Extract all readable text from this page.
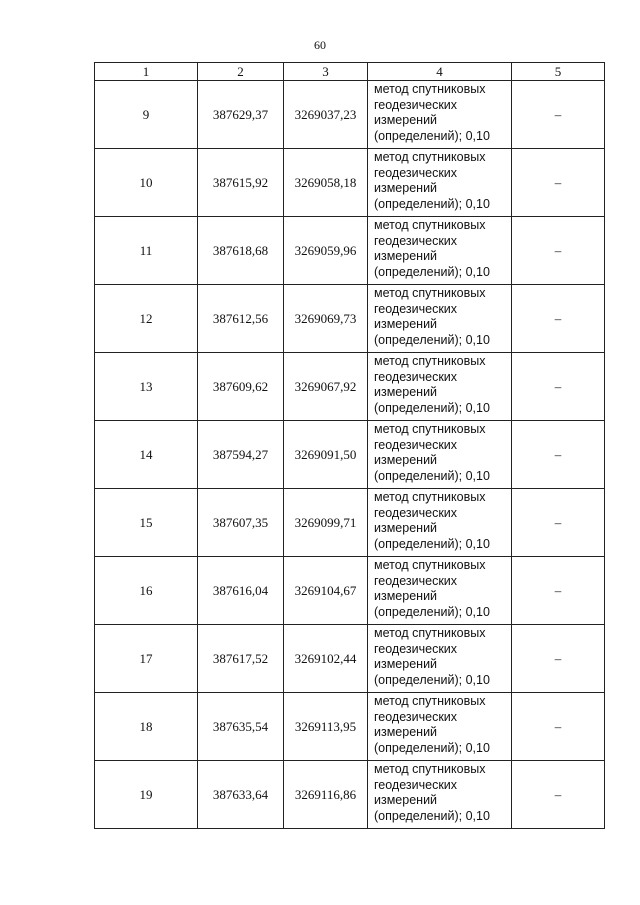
60
1	2	3	4	5
9	387629,37	3269037,23	метод спутниковых
геодезических
измерений
(определений); 0,10	–
10	387615,92	3269058,18	метод спутниковых
геодезических
измерений
(определений); 0,10	–
11	387618,68	3269059,96	метод спутниковых
геодезических
измерений
(определений); 0,10	–
12	387612,56	3269069,73	метод спутниковых
геодезических
измерений
(определений); 0,10	–
13	387609,62	3269067,92	метод спутниковых
геодезических
измерений
(определений); 0,10	–
14	387594,27	3269091,50	метод спутниковых
геодезических
измерений
(определений); 0,10	–
15	387607,35	3269099,71	метод спутниковых
геодезических
измерений
(определений); 0,10	–
16	387616,04	3269104,67	метод спутниковых
геодезических
измерений
(определений); 0,10	–
17	387617,52	3269102,44	метод спутниковых
геодезических
измерений
(определений); 0,10	–
18	387635,54	3269113,95	метод спутниковых
геодезических
измерений
(определений); 0,10	–
19	387633,64	3269116,86	метод спутниковых
геодезических
измерений
(определений); 0,10	–
